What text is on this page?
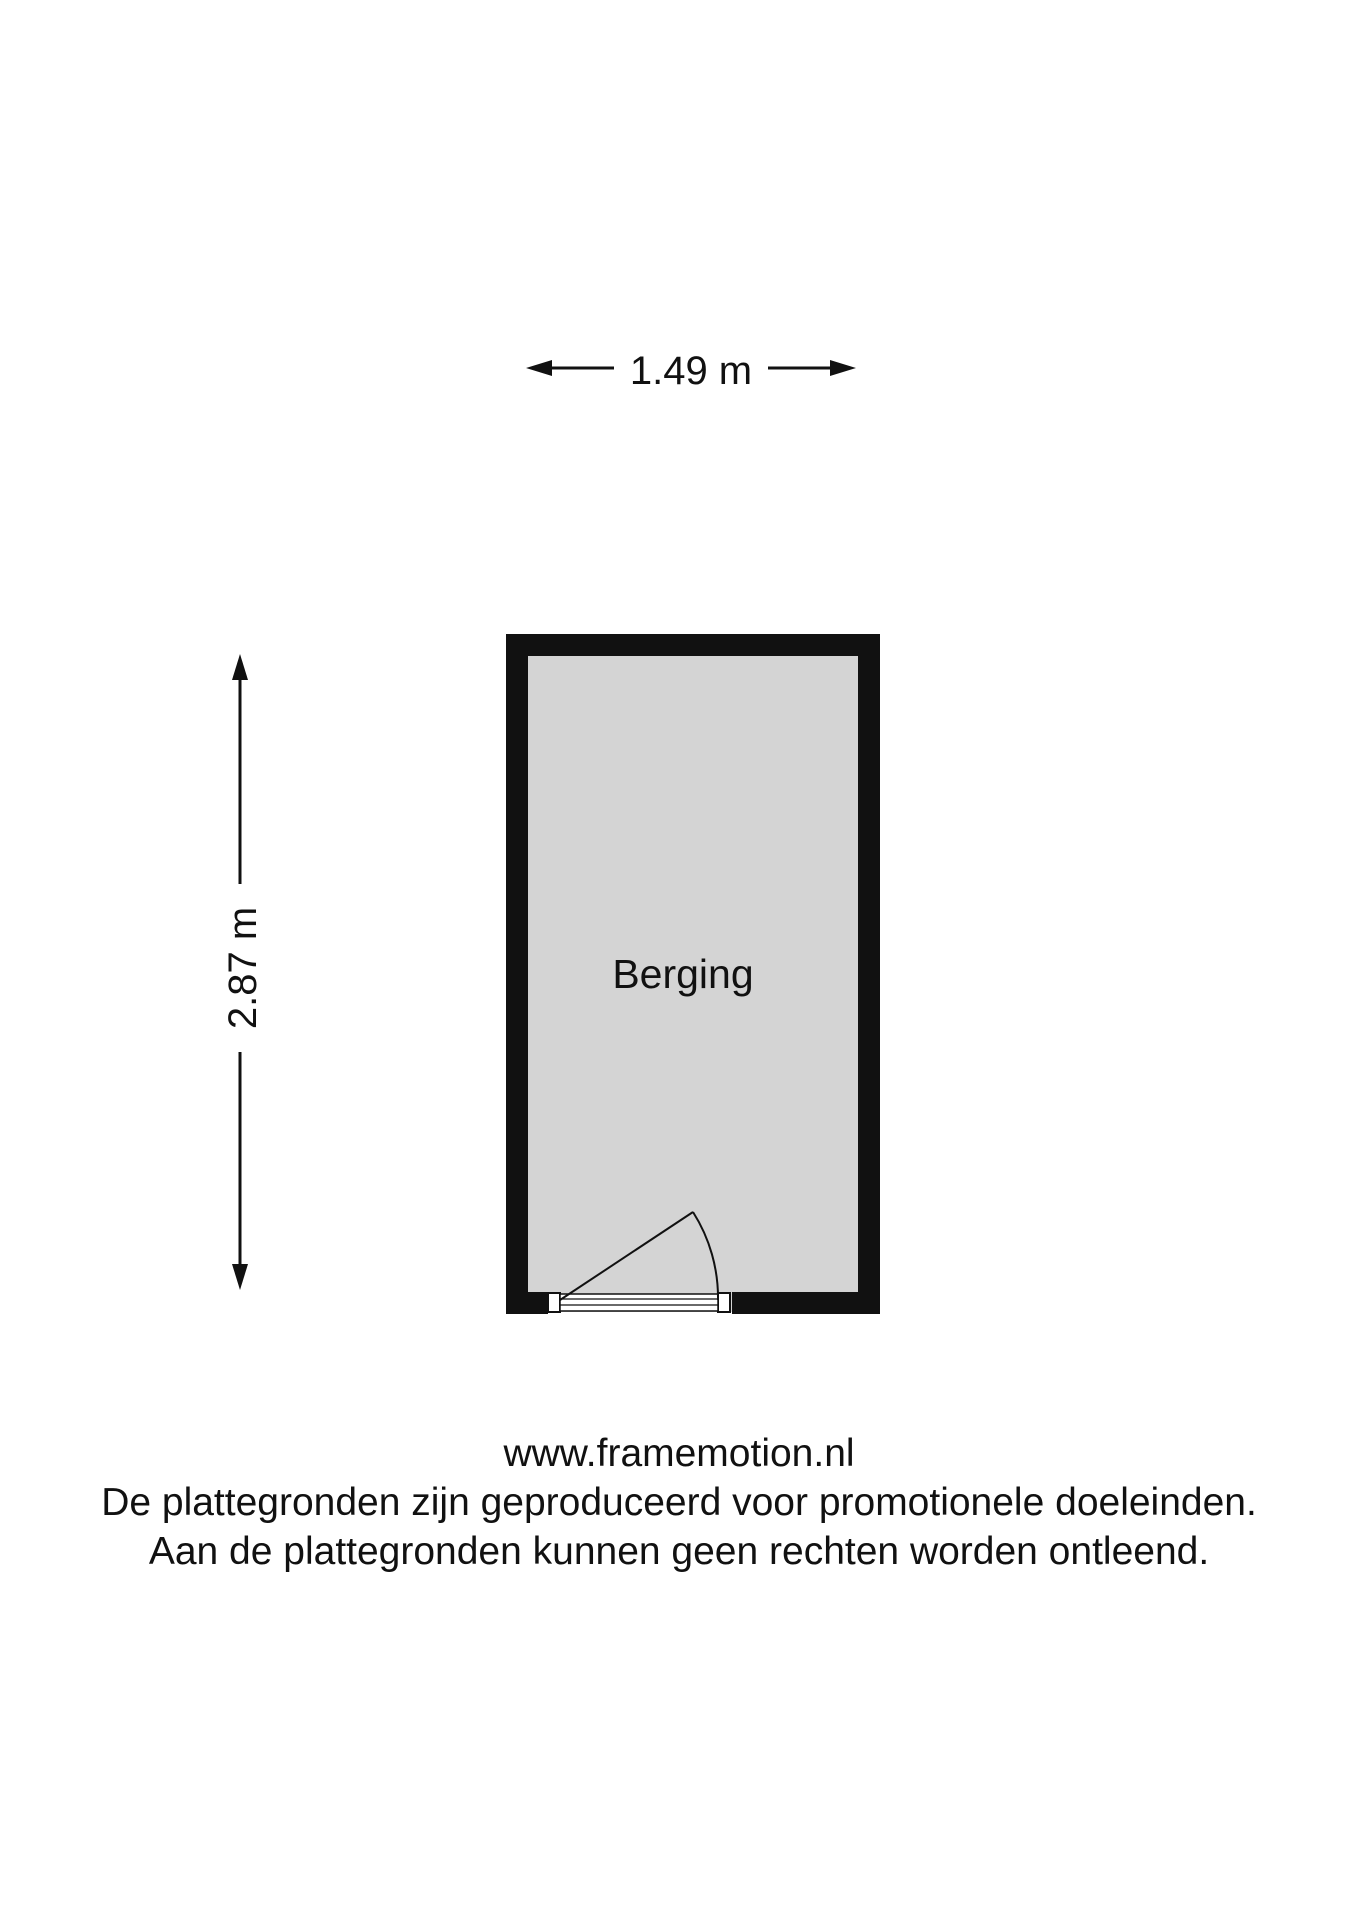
1.49 m
2.87 m	Berging
www.framemotion.nl
De plattegronden zijn geproduceerd voor promotionele doeleinden.
Aan de plattegronden kunnen geen rechten worden ontleend.
